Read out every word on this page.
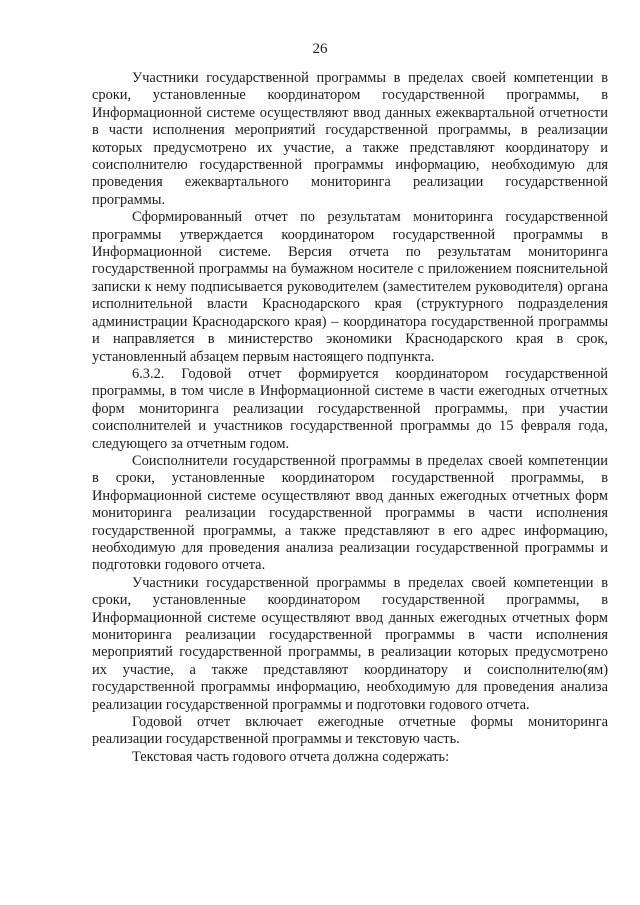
26

Участники государственной программы в пределах своей компетенции в сроки, установленные координатором государственной программы, в Информационной системе осуществляют ввод данных ежеквартальной отчетности в части исполнения мероприятий государственной программы, в реализации которых предусмотрено их участие, а также представляют координатору и соисполнителю государственной программы информацию, необходимую для проведения ежеквартального мониторинга реализации государственной программы.

Сформированный отчет по результатам мониторинга государственной программы утверждается координатором государственной программы в Информационной системе. Версия отчета по результатам мониторинга государственной программы на бумажном носителе с приложением пояснительной записки к нему подписывается руководителем (заместителем руководителя) органа исполнительной власти Краснодарского края (структурного подразделения администрации Краснодарского края) – координатора государственной программы и направляется в министерство экономики Краснодарского края в срок, установленный абзацем первым настоящего подпункта.

6.3.2. Годовой отчет формируется координатором государственной программы, в том числе в Информационной системе в части ежегодных отчетных форм мониторинга реализации государственной программы, при участии соисполнителей и участников государственной программы до 15 февраля года, следующего за отчетным годом.

Соисполнители государственной программы в пределах своей компетенции в сроки, установленные координатором государственной программы, в Информационной системе осуществляют ввод данных ежегодных отчетных форм мониторинга реализации государственной программы в части исполнения государственной программы, а также представляют в его адрес информацию, необходимую для проведения анализа реализации государственной программы и подготовки годового отчета.

Участники государственной программы в пределах своей компетенции в сроки, установленные координатором государственной программы, в Информационной системе осуществляют ввод данных ежегодных отчетных форм мониторинга реализации государственной программы в части исполнения мероприятий государственной программы, в реализации которых предусмотрено их участие, а также представляют координатору и соисполнителю(ям) государственной программы информацию, необходимую для проведения анализа реализации государственной программы и подготовки годового отчета.

Годовой отчет включает ежегодные отчетные формы мониторинга реализации государственной программы и текстовую часть.

Текстовая часть годового отчета должна содержать:
